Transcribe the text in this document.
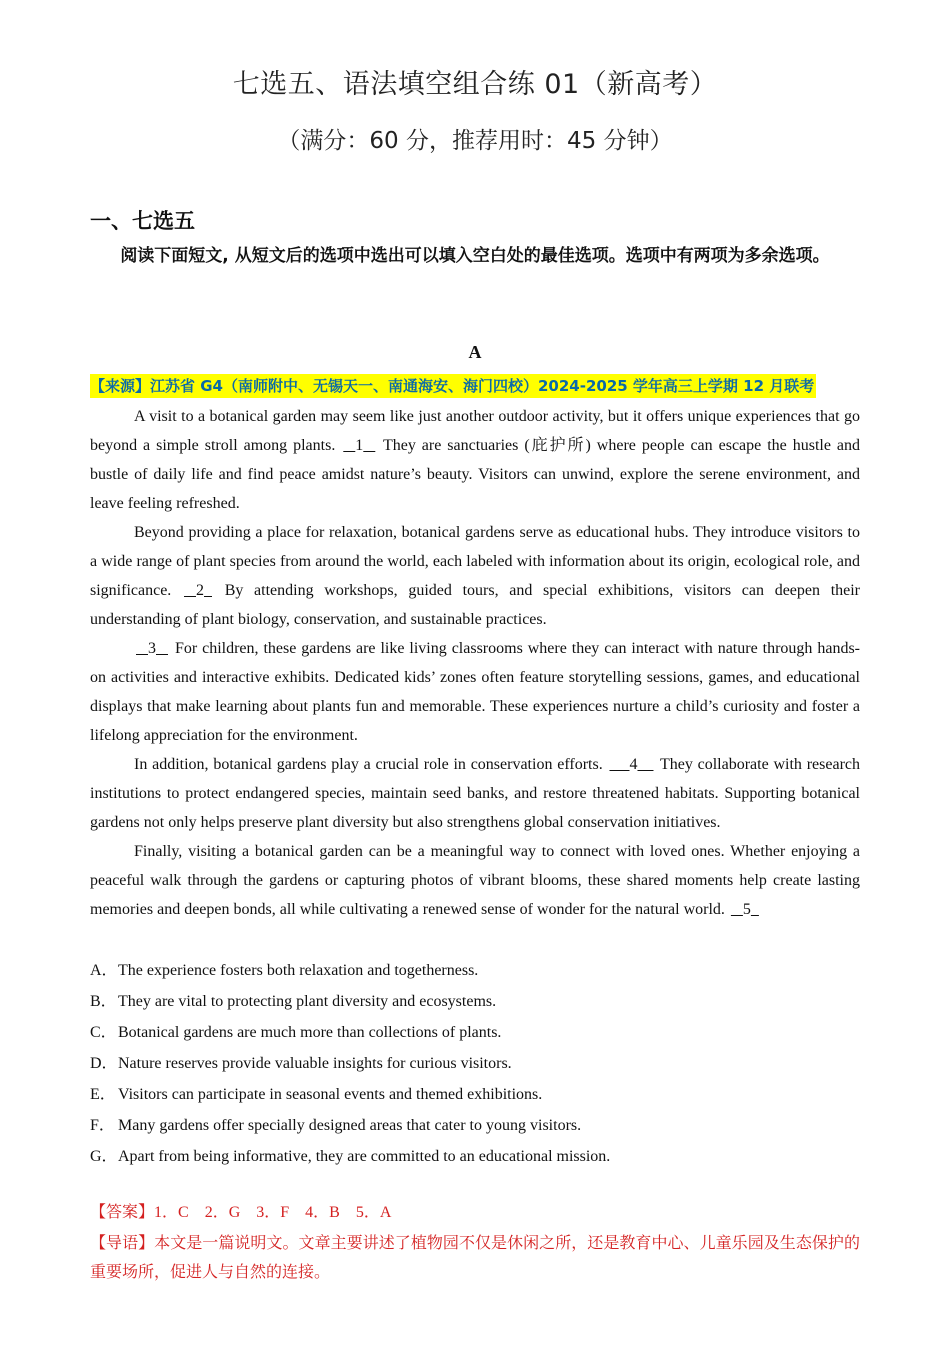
七选五、语法填空组合练 01（新高考）
（满分：60 分，推荐用时：45 分钟）
一、七选五
阅读下面短文, 从短文后的选项中选出可以填入空白处的最佳选项。选项中有两项为多余选项。
A
【来源】江苏省 G4（南师附中、无锡天一、南通海安、海门四校）2024-2025 学年高三上学期 12 月联考

A visit to a botanical garden may seem like just another outdoor activity, but it offers unique experiences that go beyond a simple stroll among plants.    1    They are sanctuaries (庇护所) where people can escape the hustle and bustle of daily life and find peace amidst nature’s beauty. Visitors can unwind, explore the serene environment, and leave feeling refreshed.

Beyond providing a place for relaxation, botanical gardens serve as educational hubs. They introduce visitors to a wide range of plant species from around the world, each labeled with information about its origin, ecological role, and significance.    2   By attending workshops, guided tours, and special exhibitions, visitors can deepen their understanding of plant biology, conservation, and sustainable practices.

3    For children, these gardens are like living classrooms where they can interact with nature through hands-on activities and interactive exhibits. Dedicated kids’ zones often feature storytelling sessions, games, and educational displays that make learning about plants fun and memorable. These experiences nurture a child’s curiosity and foster a lifelong appreciation for the environment.

In addition, botanical gardens play a crucial role in conservation efforts.      4     They collaborate with research institutions to protect endangered species, maintain seed banks, and restore threatened habitats. Supporting botanical gardens not only helps preserve plant diversity but also strengthens global conservation initiatives.

Finally, visiting a botanical garden can be a meaningful way to connect with loved ones. Whether enjoying a peaceful walk through the gardens or capturing photos of vibrant blooms, these shared moments help create lasting memories and deepen bonds, all while cultivating a renewed sense of wonder for the natural world.    5

A． The experience fosters both relaxation and togetherness.
B． They are vital to protecting plant diversity and ecosystems.
C． Botanical gardens are much more than collections of plants.
D． Nature reserves provide valuable insights for curious visitors.
E． Visitors can participate in seasonal events and themed exhibitions.
F． Many gardens offer specially designed areas that cater to young visitors.
G． Apart from being informative, they are committed to an educational mission.
【答案】1．C　2．G　3．F　4．B　5．A
【导语】本文是一篇说明文。文章主要讲述了植物园不仅是休闲之所，还是教育中心、儿童乐园及生态保护的重要场所，促进人与自然的连接。
